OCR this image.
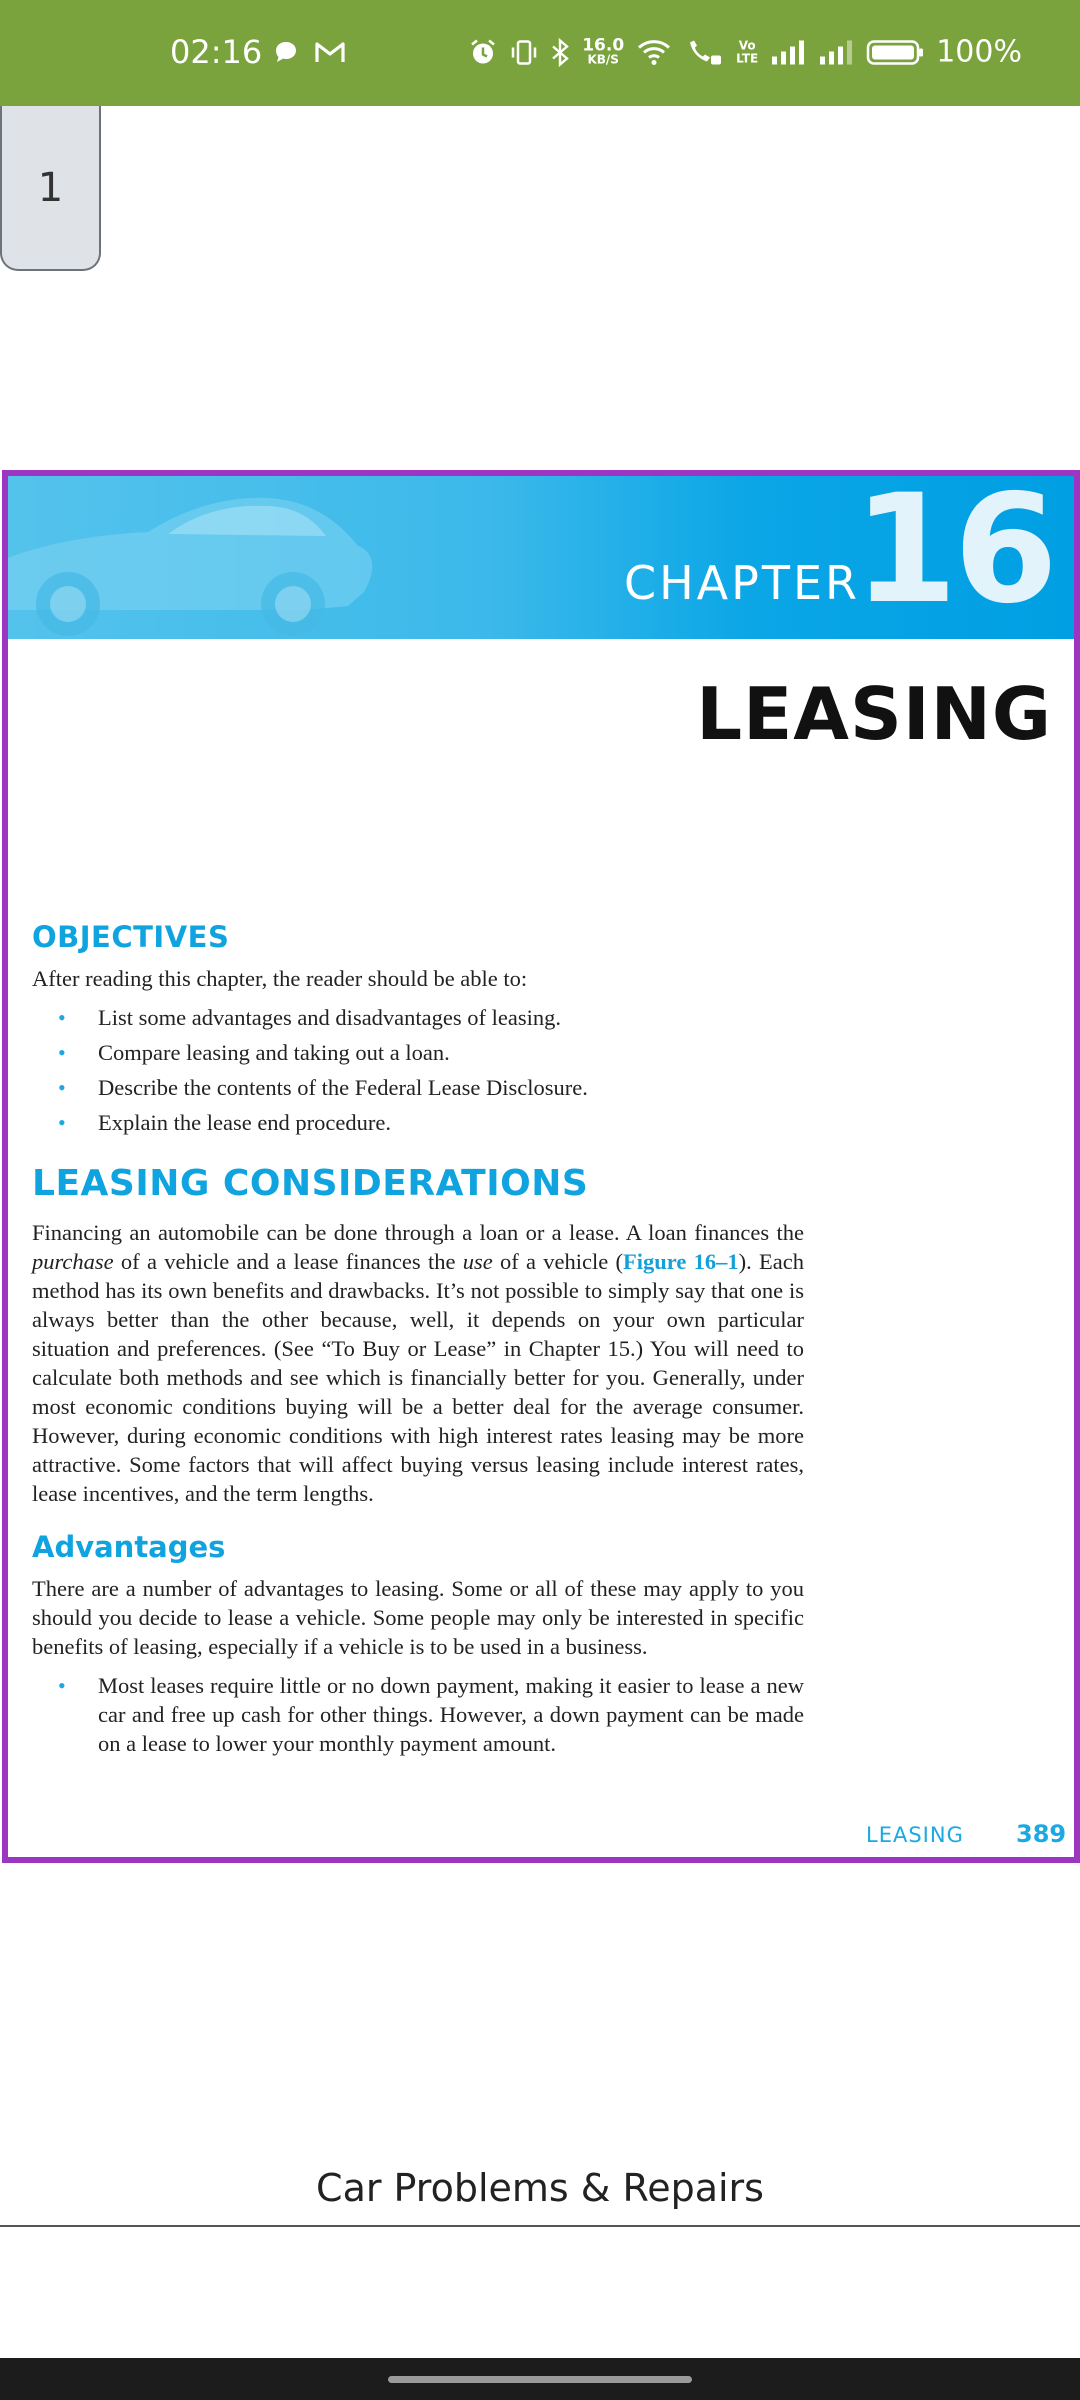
02:16	16.0
KB/S
Vo
LTE	100%
1
CHAPTER
16
LEASING
OBJECTIVES

After reading this chapter, the reader should be able to:

• List some advantages and disadvantages of leasing.
• Compare leasing and taking out a loan.
• Describe the contents of the Federal Lease Disclosure.
• Explain the lease end procedure.
LEASING CONSIDERATIONS

Financing an automobile can be done through a loan or a lease. A loan finances the purchase of a vehicle and a lease finances the use of a vehicle (Figure 16–1). Each method has its own benefits and drawbacks. It’s not possible to simply say that one is always better than the other because, well, it depends on your own particular situation and preferences. (See “To Buy or Lease” in Chapter 15.) You will need to calculate both methods and see which is financially better for you. Generally, under most economic conditions buying will be a better deal for the average consumer. However, during economic conditions with high interest rates leasing may be more attractive. Some factors that will affect buying versus leasing include interest rates, lease incentives, and the term lengths.

Advantages

There are a number of advantages to leasing. Some or all of these may apply to you should you decide to lease a vehicle. Some people may only be interested in specific benefits of leasing, especially if a vehicle is to be used in a business.

• Most leases require little or no down payment, making it easier to lease a new car and free up cash for other things. However, a down payment can be made on a lease to lower your monthly payment amount.
LEASING 389
Car Problems & Repairs
